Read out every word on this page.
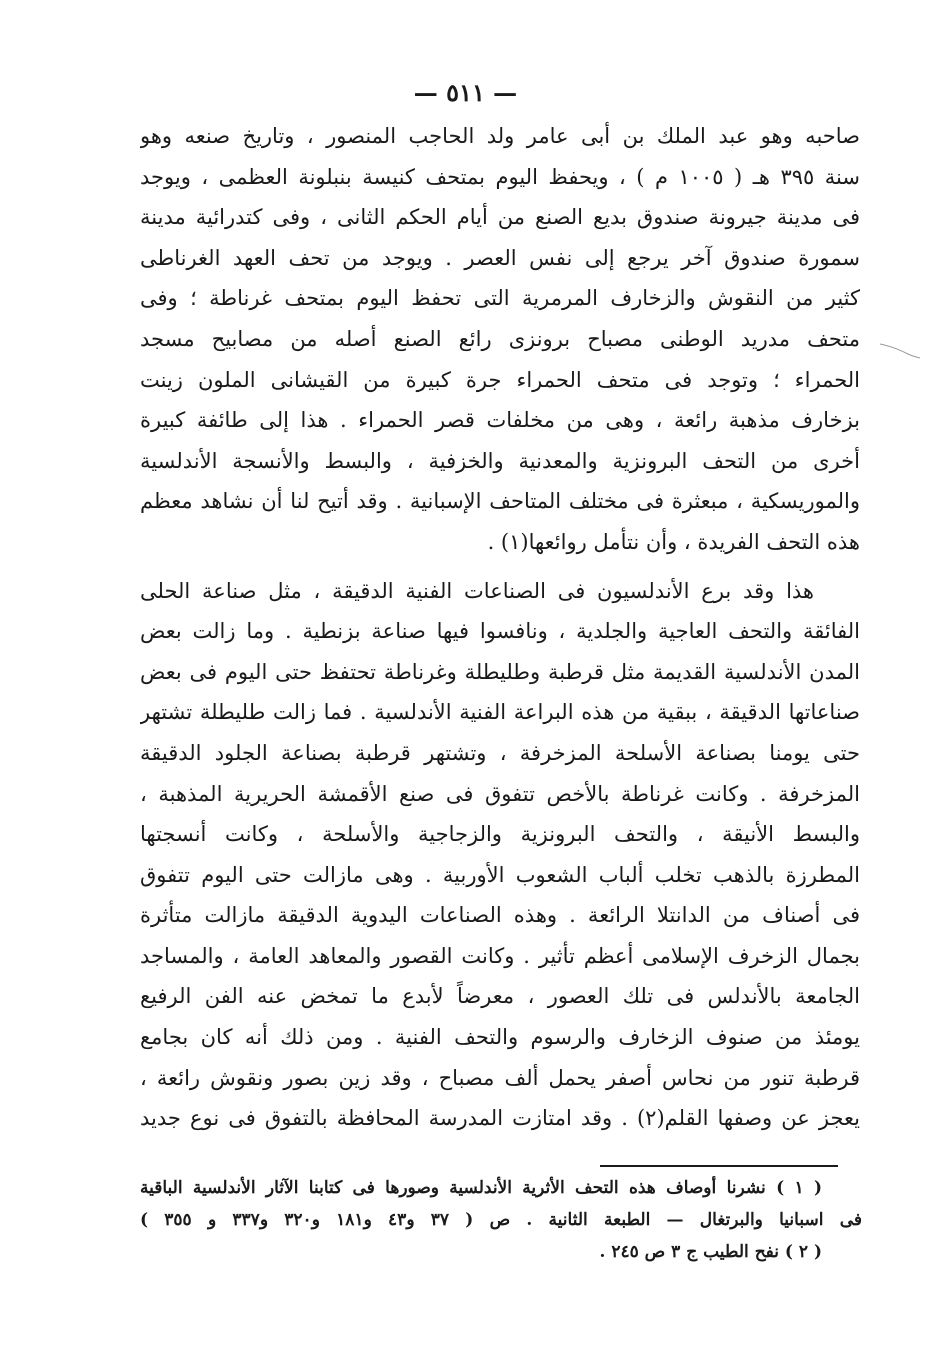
— ٥١١ —
صاحبه وهو عبد الملك بن أبى عامر ولد الحاجب المنصور ، وتاريخ صنعه وهو
سنة ٣٩٥ هـ ( ١٠٠٥ م ) ، ويحفظ اليوم بمتحف كنيسة بنبلونة العظمى ، ويوجد
فى مدينة جيرونة صندوق بديع الصنع من أيام الحكم الثانى ، وفى كتدرائية مدينة
سمورة صندوق آخر يرجع إلى نفس العصر . ويوجد من تحف العهد الغرناطى
كثير من النقوش والزخارف المرمرية التى تحفظ اليوم بمتحف غرناطة ؛ وفى
متحف مدريد الوطنى مصباح برونزى رائع الصنع أصله من مصابيح مسجد
الحمراء ؛ وتوجد فى متحف الحمراء جرة كبيرة من القيشانى الملون زينت
بزخارف مذهبة رائعة ، وهى من مخلفات قصر الحمراء . هذا إلى طائفة كبيرة
أخرى من التحف البرونزية والمعدنية والخزفية ، والبسط والأنسجة الأندلسية
والموريسكية ، مبعثرة فى مختلف المتاحف الإسبانية . وقد أتيح لنا أن نشاهد معظم
هذه التحف الفريدة ، وأن نتأمل روائعها(١) .
هذا وقد برع الأندلسيون فى الصناعات الفنية الدقيقة ، مثل صناعة الحلى
الفائقة والتحف العاجية والجلدية ، ونافسوا فيها صناعة بزنطية . وما زالت بعض
المدن الأندلسية القديمة مثل قرطبة وطليطلة وغرناطة تحتفظ حتى اليوم فى بعض
صناعاتها الدقيقة ، ببقية من هذه البراعة الفنية الأندلسية . فما زالت طليطلة تشتهر
حتى يومنا بصناعة الأسلحة المزخرفة ، وتشتهر قرطبة بصناعة الجلود الدقيقة
المزخرفة . وكانت غرناطة بالأخص تتفوق فى صنع الأقمشة الحريرية المذهبة ،
والبسط الأنيقة ، والتحف البرونزية والزجاجية والأسلحة ، وكانت أنسجتها
المطرزة بالذهب تخلب ألباب الشعوب الأوربية . وهى مازالت حتى اليوم تتفوق
فى أصناف من الدانتلا الرائعة . وهذه الصناعات اليدوية الدقيقة مازالت متأثرة
بجمال الزخرف الإسلامى أعظم تأثير . وكانت القصور والمعاهد العامة ، والمساجد
الجامعة بالأندلس فى تلك العصور ، معرضاً لأبدع ما تمخض عنه الفن الرفيع
يومئذ من صنوف الزخارف والرسوم والتحف الفنية . ومن ذلك أنه كان بجامع
قرطبة تنور من نحاس أصفر يحمل ألف مصباح ، وقد زين بصور ونقوش رائعة ،
يعجز عن وصفها القلم(٢) . وقد امتازت المدرسة المحافظة بالتفوق فى نوع جديد
( ١ ) نشرنا أوصاف هذه التحف الأثرية الأندلسية وصورها فى كتابنا الآثار الأندلسية الباقية
فى اسبانيا والبرتغال — الطبعة الثانية . ص ( ٣٧ و٤٣ و١٨١ و٣٢٠ و٣٣٧ و ٣٥٥ )
( ٢ ) نفح الطيب ج ٣ ص ٢٤٥ .
